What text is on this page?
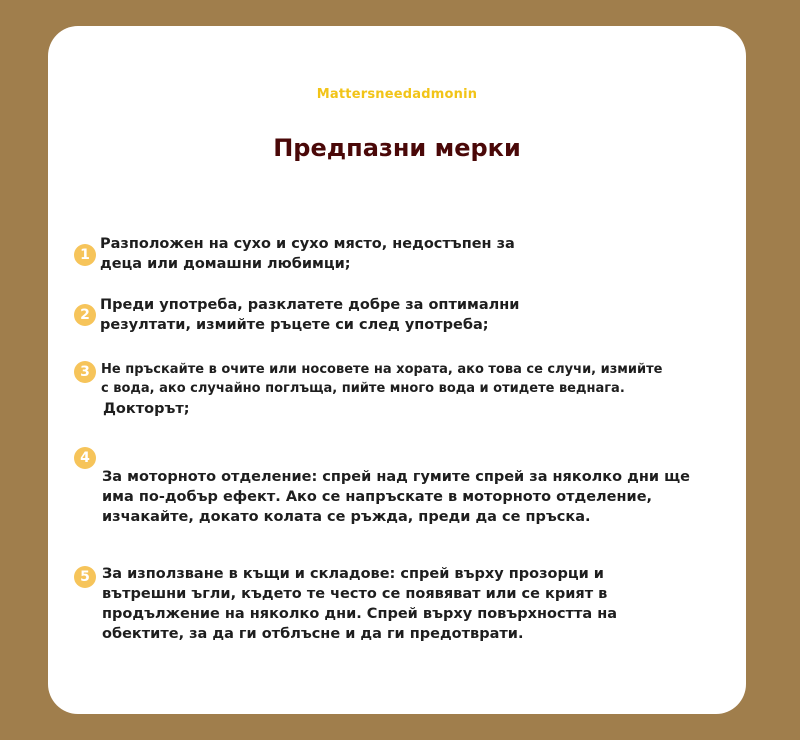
Mattersneedadmonin
Предпазни мерки
1
Разположен на сухо и сухо място, недостъпен за
деца или домашни любимци;
2
Преди употреба, разклатете добре за оптимални
резултати, измийте ръцете си след употреба;
3 Не пръскайте в очите или носовете на хората, ако това се случи, измийте
с вода, ако случайно поглъща, пийте много вода и отидете веднага.
Докторът;
4
За моторното отделение: спрей над гумите спрей за няколко дни ще
има по-добър ефект. Ако се напръскате в моторното отделение,
изчакайте, докато колата се ръжда, преди да се пръска.
5 За използване в къщи и складове: спрей върху прозорци и
вътрешни ъгли, където те често се появяват или се крият в
продължение на няколко дни. Спрей върху повърхността на
обектите, за да ги отблъсне и да ги предотврати.
